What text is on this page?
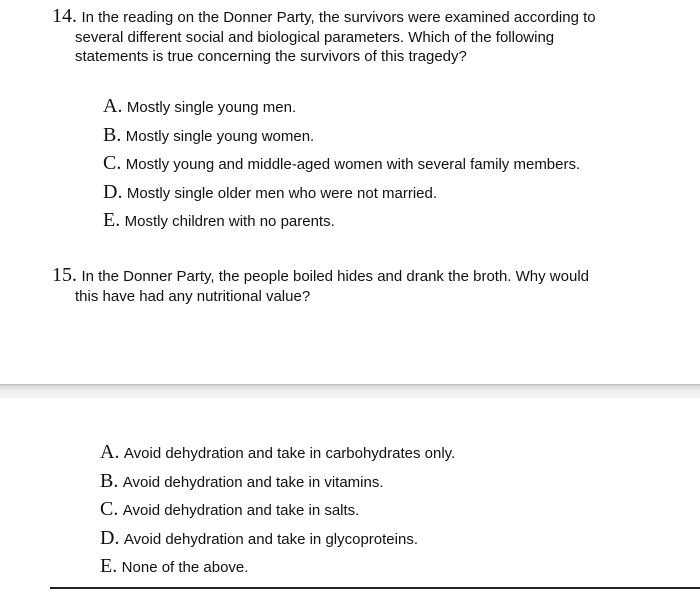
14. In the reading on the Donner Party, the survivors were examined according to
several different social and biological parameters. Which of the following
statements is true concerning the survivors of this tragedy?
A. Mostly single young men.
B. Mostly single young women.
C. Mostly young and middle-aged women with several family members.
D. Mostly single older men who were not married.
E. Mostly children with no parents.
15. In the Donner Party, the people boiled hides and drank the broth. Why would
this have had any nutritional value?
A. Avoid dehydration and take in carbohydrates only.
B. Avoid dehydration and take in vitamins.
C. Avoid dehydration and take in salts.
D. Avoid dehydration and take in glycoproteins.
E. None of the above.
